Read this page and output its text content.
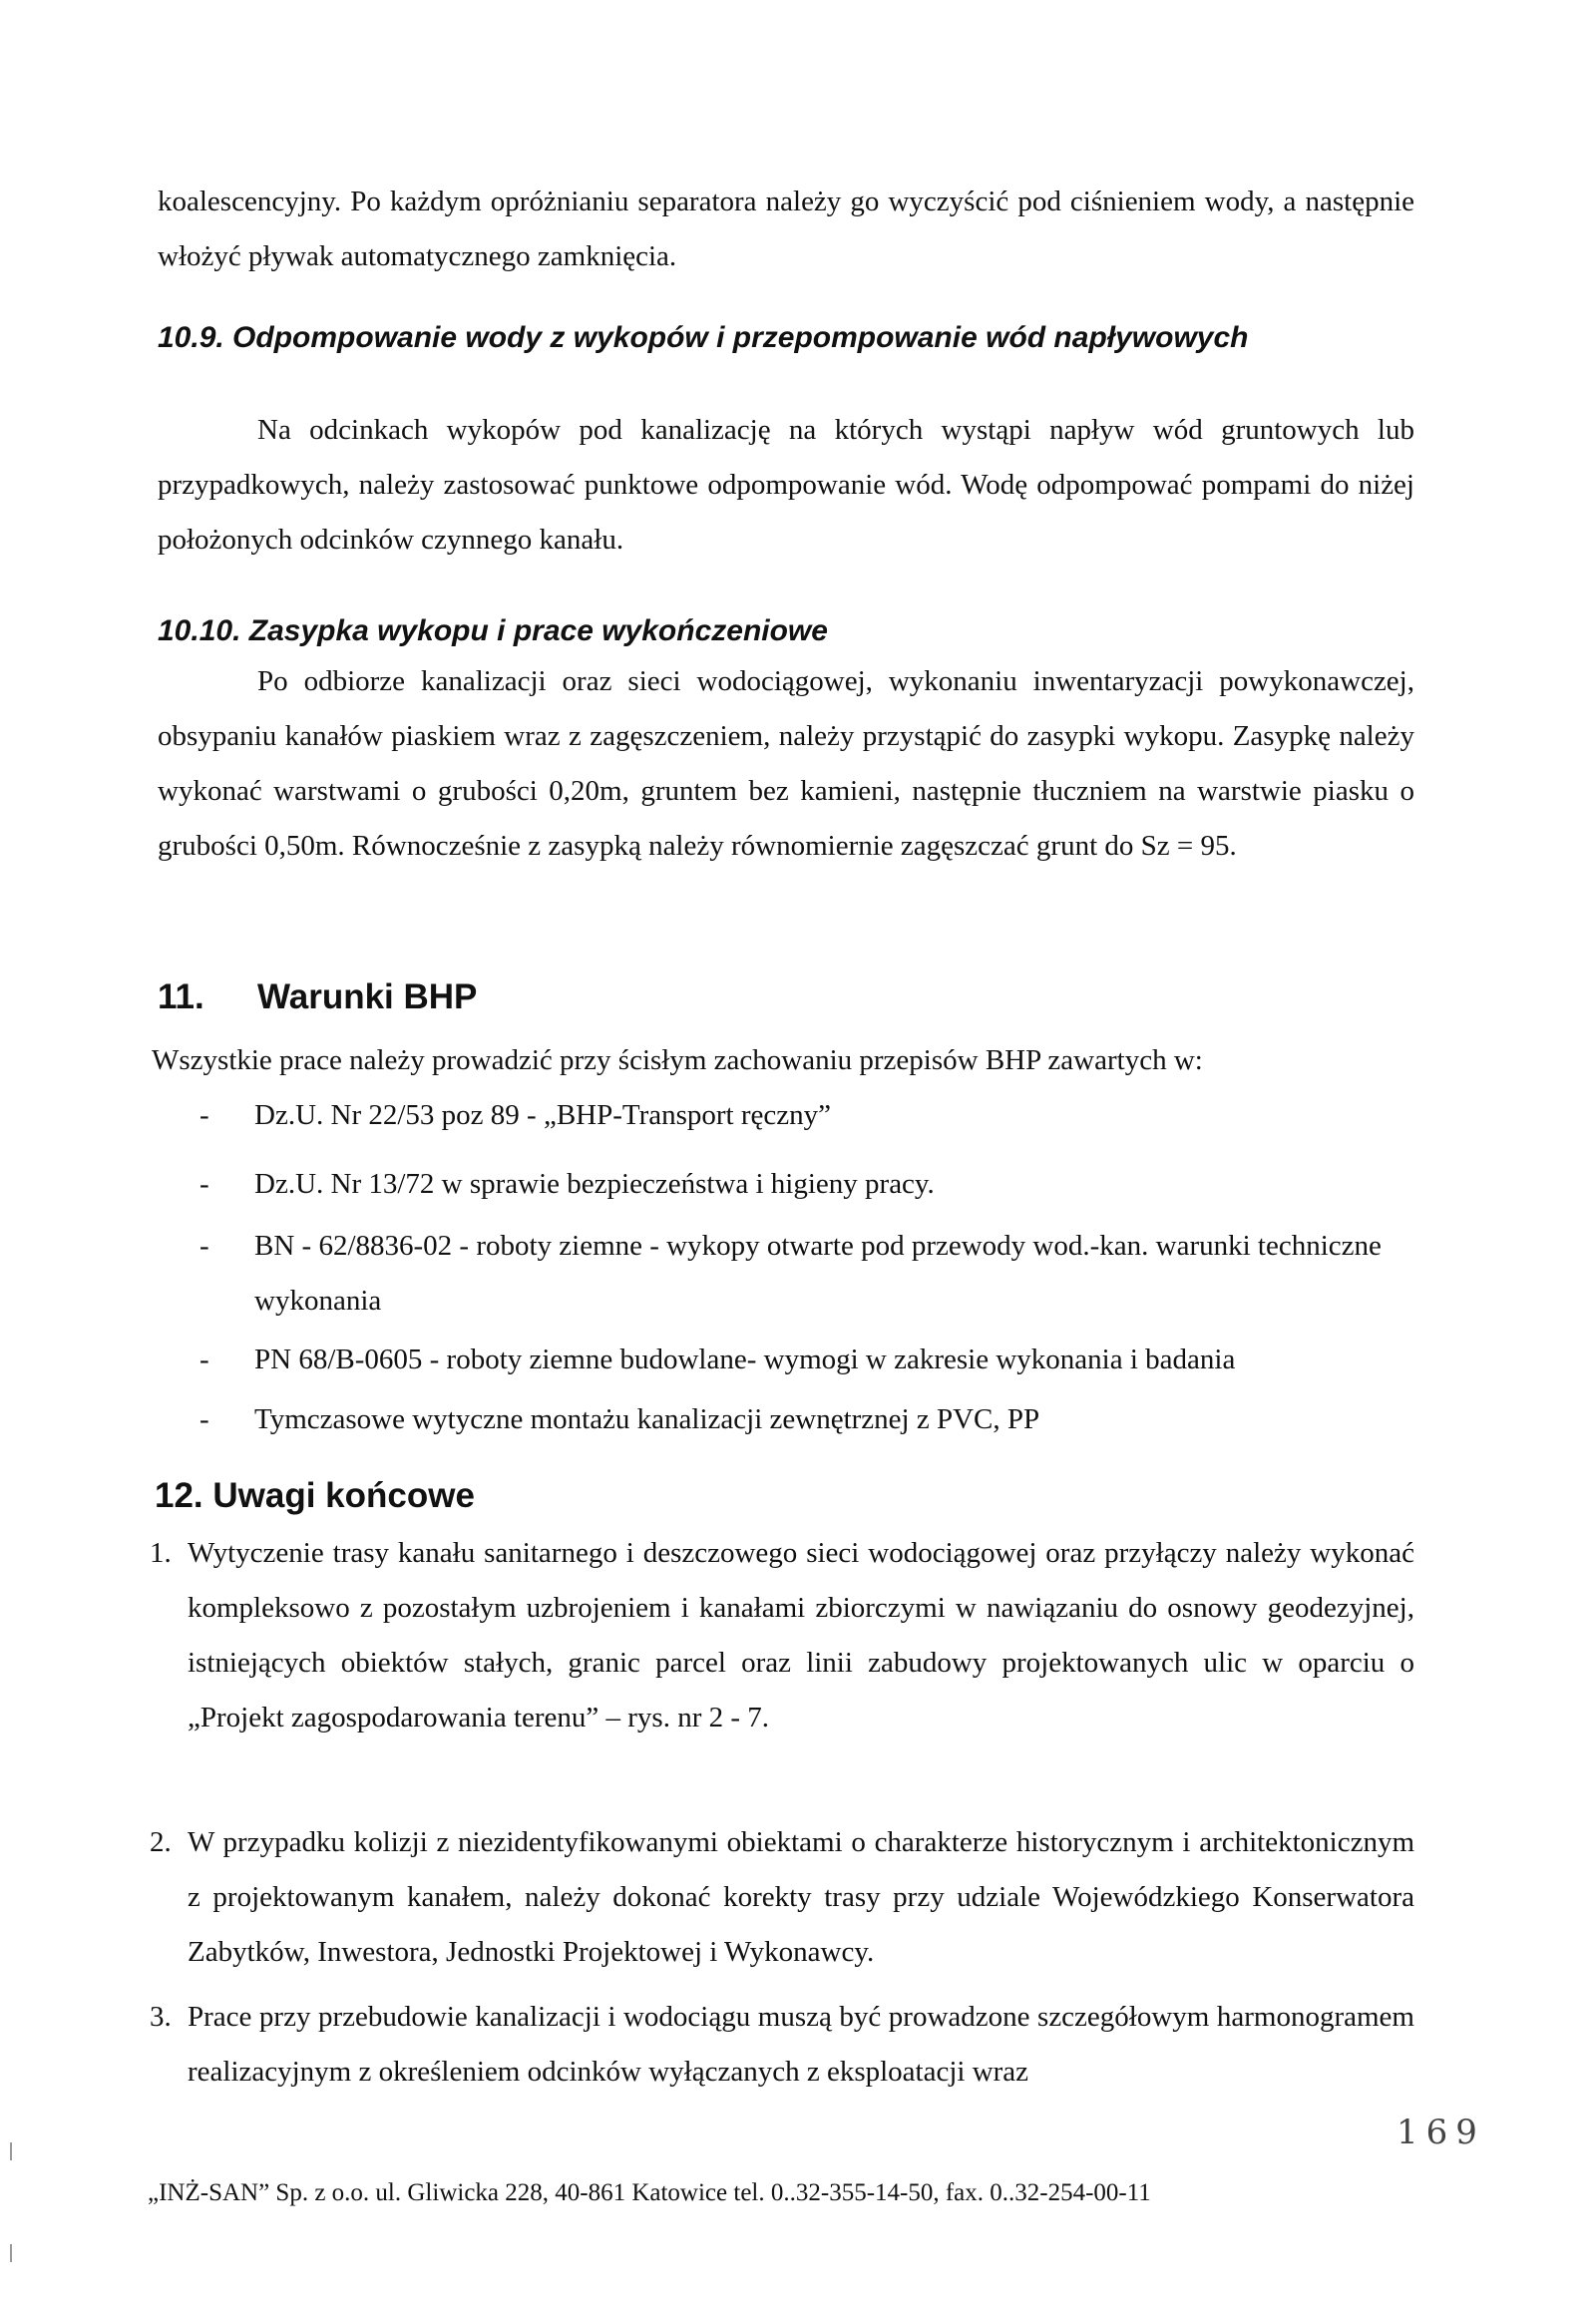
koalescencyjny. Po każdym opróżnianiu separatora należy go wyczyścić pod ciśnieniem wody, a następnie włożyć pływak automatycznego zamknięcia.

10.9. Odpompowanie wody z wykopów i przepompowanie wód napływowych

Na odcinkach wykopów pod kanalizację na których wystąpi napływ wód gruntowych lub przypadkowych, należy zastosować punktowe odpompowanie wód. Wodę odpompować pompami do niżej położonych odcinków czynnego kanału.

10.10. Zasypka wykopu i prace wykończeniowe

Po odbiorze kanalizacji oraz sieci wodociągowej, wykonaniu inwentaryzacji powykonawczej, obsypaniu kanałów piaskiem wraz z zagęszczeniem, należy przystąpić do zasypki wykopu. Zasypkę należy wykonać warstwami o grubości 0,20m, gruntem bez kamieni, następnie tłuczniem na warstwie piasku o grubości 0,50m. Równocześnie z zasypką należy równomiernie zagęszczać grunt do Sz = 95.

11. Warunki BHP

Wszystkie prace należy prowadzić przy ścisłym zachowaniu przepisów BHP zawartych w:

- Dz.U. Nr 22/53 poz 89 - „BHP-Transport ręczny”
- Dz.U. Nr 13/72 w sprawie bezpieczeństwa i higieny pracy.
- BN - 62/8836-02 - roboty ziemne - wykopy otwarte pod przewody wod.-kan. warunki techniczne wykonania
- PN 68/B-0605 - roboty ziemne budowlane- wymogi w zakresie wykonania i badania
- Tymczasowe wytyczne montażu kanalizacji zewnętrznej z PVC, PP
12. Uwagi końcowe
1. Wytyczenie trasy kanału sanitarnego i deszczowego sieci wodociągowej oraz przyłączy należy wykonać kompleksowo z pozostałym uzbrojeniem i kanałami zbiorczymi w nawiązaniu do osnowy geodezyjnej, istniejących obiektów stałych, granic parcel oraz linii zabudowy projektowanych ulic w oparciu o „Projekt zagospodarowania terenu” – rys. nr 2 - 7.
2. W przypadku kolizji z niezidentyfikowanymi obiektami o charakterze historycznym i architektonicznym z projektowanym kanałem, należy dokonać korekty trasy przy udziale Wojewódzkiego Konserwatora Zabytków, Inwestora, Jednostki Projektowej i Wykonawcy.
3. Prace przy przebudowie kanalizacji i wodociągu muszą być prowadzone szczegółowym harmonogramem realizacyjnym z określeniem odcinków wyłączanych z eksploatacji wraz
169
„INŻ-SAN” Sp. z o.o. ul. Gliwicka 228, 40-861 Katowice tel. 0..32-355-14-50, fax. 0..32-254-00-11
